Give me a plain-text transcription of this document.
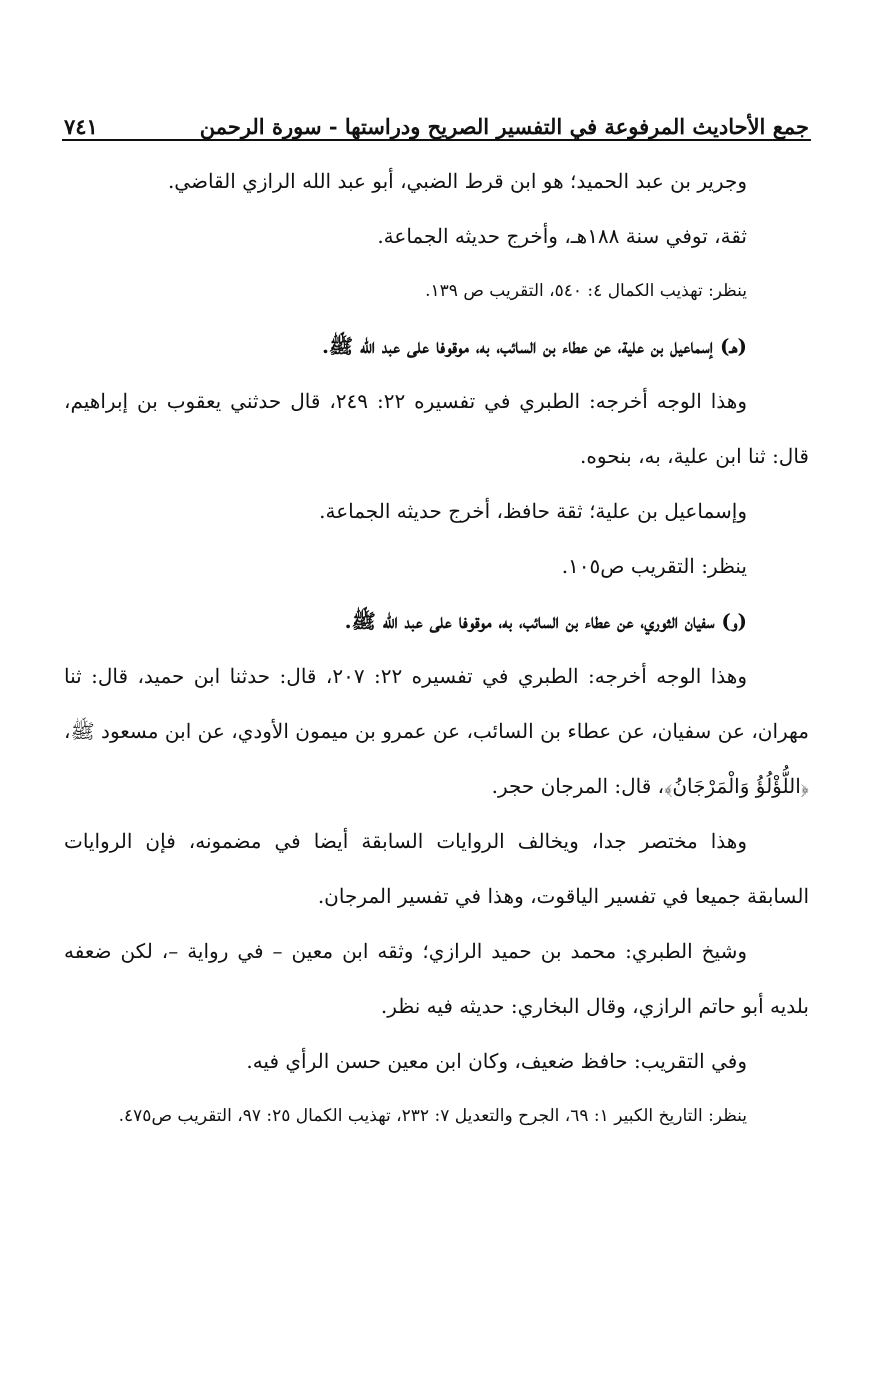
جمع الأحاديث المرفوعة في التفسير الصريح ودراستها - سورة الرحمن
٧٤١

وجرير بن عبد الحميد؛ هو ابن قرط الضبي، أبو عبد الله الرازي القاضي.

ثقة، توفي سنة ١٨٨هـ، وأخرج حديثه الجماعة.

ينظر: تهذيب الكمال ٤: ٥٤٠، التقريب ص ١٣٩.

(هـ) إسماعيل بن علية، عن عطاء بن السائب، به، موقوفا على عبد الله ﷺ.

وهذا الوجه أخرجه: الطبري في تفسيره ٢٢: ٢٤٩، قال حدثني يعقوب بن إبراهيم، قال: ثنا ابن علية، به، بنحوه.

وإسماعيل بن علية؛ ثقة حافظ، أخرج حديثه الجماعة.

ينظر: التقريب ص١٠٥.

(و) سفيان الثوري، عن عطاء بن السائب، به، موقوفا على عبد الله ﷺ.

وهذا الوجه أخرجه: الطبري في تفسيره ٢٢: ٢٠٧، قال: حدثنا ابن حميد، قال: ثنا مهران، عن سفيان، عن عطاء بن السائب، عن عمرو بن ميمون الأودي، عن ابن مسعود ﷺ، ﴿اللُّؤْلُؤُ وَالْمَرْجَانُ﴾، قال: المرجان حجر.

وهذا مختصر جدا، ويخالف الروايات السابقة أيضا في مضمونه، فإن الروايات السابقة جميعا في تفسير الياقوت، وهذا في تفسير المرجان.

وشيخ الطبري: محمد بن حميد الرازي؛ وثقه ابن معين – في رواية –، لكن ضعفه بلديه أبو حاتم الرازي، وقال البخاري: حديثه فيه نظر.

وفي التقريب: حافظ ضعيف، وكان ابن معين حسن الرأي فيه.

ينظر: التاريخ الكبير ١: ٦٩، الجرح والتعديل ٧: ٢٣٢، تهذيب الكمال ٢٥: ٩٧، التقريب ص٤٧٥.
